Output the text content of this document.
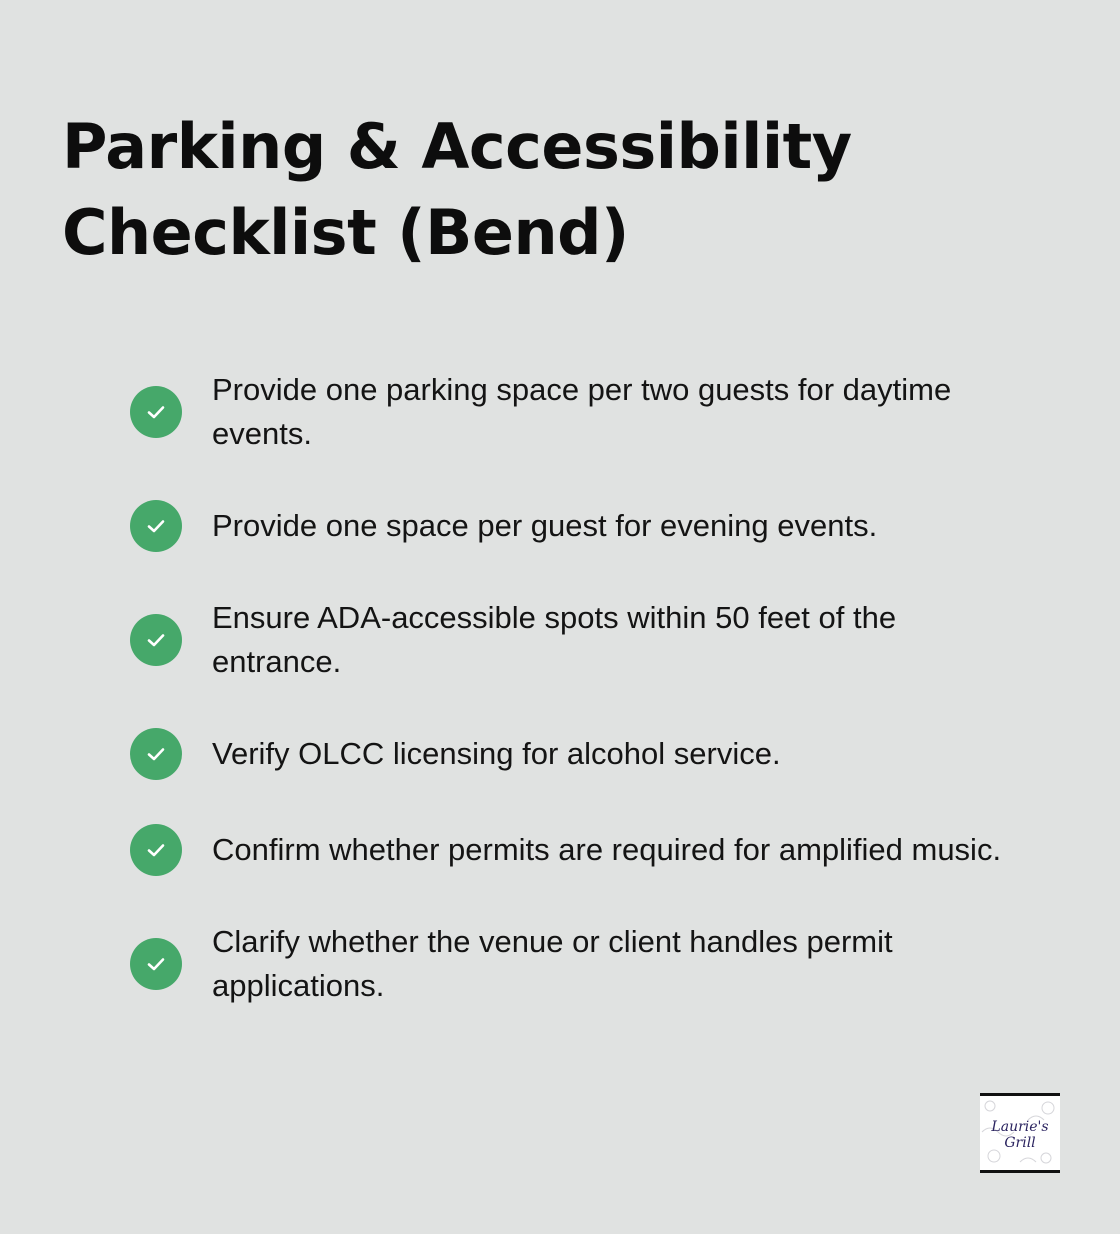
Parking & Accessibility
Checklist (Bend)
Provide one parking space per two guests for daytime events.
Provide one space per guest for evening events.
Ensure ADA-accessible spots within 50 feet of the entrance.
Verify OLCC licensing for alcohol service.
Confirm whether permits are required for amplified music.
Clarify whether the venue or client handles permit applications.
Laurie's
Grill
